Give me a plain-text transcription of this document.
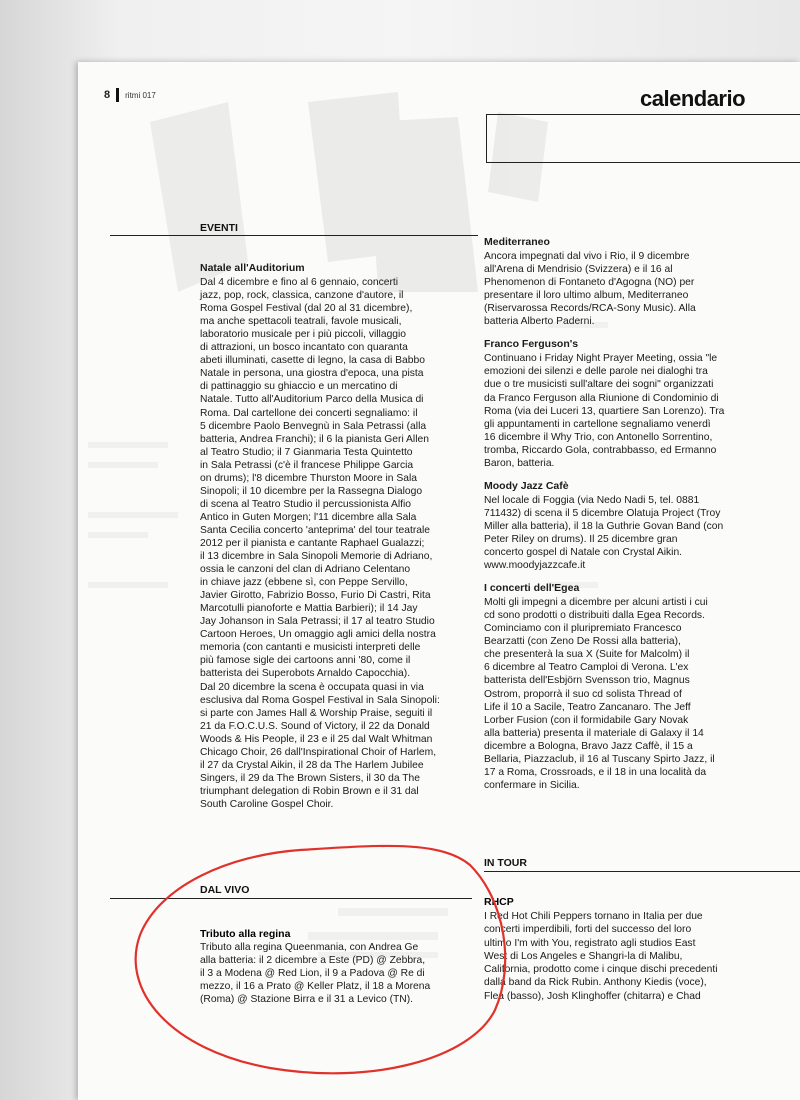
8 ritmi 017	calendario
EVENTI
Natale all'Auditorium

Dal 4 dicembre e fino al 6 gennaio, concerti

jazz, pop, rock, classica, canzone d'autore, il

Roma Gospel Festival (dal 20 al 31 dicembre),

ma anche spettacoli teatrali, favole musicali,

laboratorio musicale per i più piccoli, villaggio

di attrazioni, un bosco incantato con quaranta

abeti illuminati, casette di legno, la casa di Babbo

Natale in persona, una giostra d'epoca, una pista

di pattinaggio su ghiaccio e un mercatino di

Natale. Tutto all'Auditorium Parco della Musica di

Roma. Dal cartellone dei concerti segnaliamo: il

5 dicembre Paolo Benvegnù in Sala Petrassi (alla

batteria, Andrea Franchi); il 6 la pianista Geri Allen

al Teatro Studio; il 7 Gianmaria Testa Quintetto

in Sala Petrassi (c'è il francese Philippe Garcia

on drums); l'8 dicembre Thurston Moore in Sala

Sinopoli; il 10 dicembre per la Rassegna Dialogo

di scena al Teatro Studio il percussionista Alfio

Antico in Guten Morgen; l'11 dicembre alla Sala

Santa Cecilia concerto 'anteprima' del tour teatrale

2012 per il pianista e cantante Raphael Gualazzi;

il 13 dicembre in Sala Sinopoli Memorie di Adriano,

ossia le canzoni del clan di Adriano Celentano

in chiave jazz (ebbene sì, con Peppe Servillo,

Javier Girotto, Fabrizio Bosso, Furio Di Castri, Rita

Marcotulli pianoforte e Mattia Barbieri); il 14 Jay

Jay Johanson in Sala Petrassi; il 17 al teatro Studio

Cartoon Heroes, Un omaggio agli amici della nostra

memoria (con cantanti e musicisti interpreti delle

più famose sigle dei cartoons anni '80, come il

batterista dei Superobots Arnaldo Capocchia).

Dal 20 dicembre la scena è occupata quasi in via

esclusiva dal Roma Gospel Festival in Sala Sinopoli:

si parte con James Hall & Worship Praise, seguiti il

21 da F.O.C.U.S. Sound of Victory, il 22 da Donald

Woods & His People, il 23 e il 25 dal Walt Whitman

Chicago Choir, 26 dall'Inspirational Choir of Harlem,

il 27 da Crystal Aikin, il 28 da The Harlem Jubilee

Singers, il 29 da The Brown Sisters, il 30 da The

triumphant delegation di Robin Brown e il 31 dal

South Caroline Gospel Choir.

DAL VIVO
Tributo alla regina
Tributo alla regina Queenmania, con Andrea Ge
alla batteria: il 2 dicembre a Este (PD) @ Zebbra,
il 3 a Modena @ Red Lion, il 9 a Padova @ Re di
mezzo, il 16 a Prato @ Keller Platz, il 18 a Morena
(Roma) @ Stazione Birra e il 31 a Levico (TN).
Mediterraneo

Ancora impegnati dal vivo i Rio, il 9 dicembre

all'Arena di Mendrisio (Svizzera) e il 16 al

Phenomenon di Fontaneto d'Agogna (NO) per

presentare il loro ultimo album, Mediterraneo

(Riservarossa Records/RCA-Sony Music). Alla

batteria Alberto Paderni.

Franco Ferguson's

Continuano i Friday Night Prayer Meeting, ossia "le

emozioni dei silenzi e delle parole nei dialoghi tra

due o tre musicisti sull'altare dei sogni" organizzati

da Franco Ferguson alla Riunione di Condominio di

Roma (via dei Luceri 13, quartiere San Lorenzo). Tra

gli appuntamenti in cartellone segnaliamo venerdì

16 dicembre il Why Trio, con Antonello Sorrentino,

tromba, Riccardo Gola, contrabbasso, ed Ermanno

Baron, batteria.

Moody Jazz Cafè

Nel locale di Foggia (via Nedo Nadi 5, tel. 0881

711432) di scena il 5 dicembre Olatuja Project (Troy

Miller alla batteria), il 18 la Guthrie Govan Band (con

Peter Riley on drums). Il 25 dicembre gran

concerto gospel di Natale con Crystal Aikin.

www.moodyjazzcafe.it

I concerti dell'Egea

Molti gli impegni a dicembre per alcuni artisti i cui

cd sono prodotti o distribuiti dalla Egea Records.

Cominciamo con il pluripremiato Francesco

Bearzatti (con Zeno De Rossi alla batteria),

che presenterà la sua X (Suite for Malcolm) il

6 dicembre al Teatro Camploi di Verona. L'ex

batterista dell'Esbjörn Svensson trio, Magnus

Ostrom, proporrà il suo cd solista Thread of

Life il 10 a Sacile, Teatro Zancanaro. The Jeff

Lorber Fusion (con il formidabile Gary Novak

alla batteria) presenta il materiale di Galaxy il 14

dicembre a Bologna, Bravo Jazz Caffè, il 15 a

Bellaria, Piazzaclub, il 16 al Tuscany Spirto Jazz, il

17 a Roma, Crossroads, e il 18 in una località da

confermare in Sicilia.

IN TOUR
RHCP
I Red Hot Chili Peppers tornano in Italia per due
concerti imperdibili, forti del successo del loro
ultimo I'm with You, registrato agli studios East
West di Los Angeles e Shangri-la di Malibu,
California, prodotto come i cinque dischi precedenti
dalla band da Rick Rubin. Anthony Kiedis (voce),
Flea (basso), Josh Klinghoffer (chitarra) e Chad
